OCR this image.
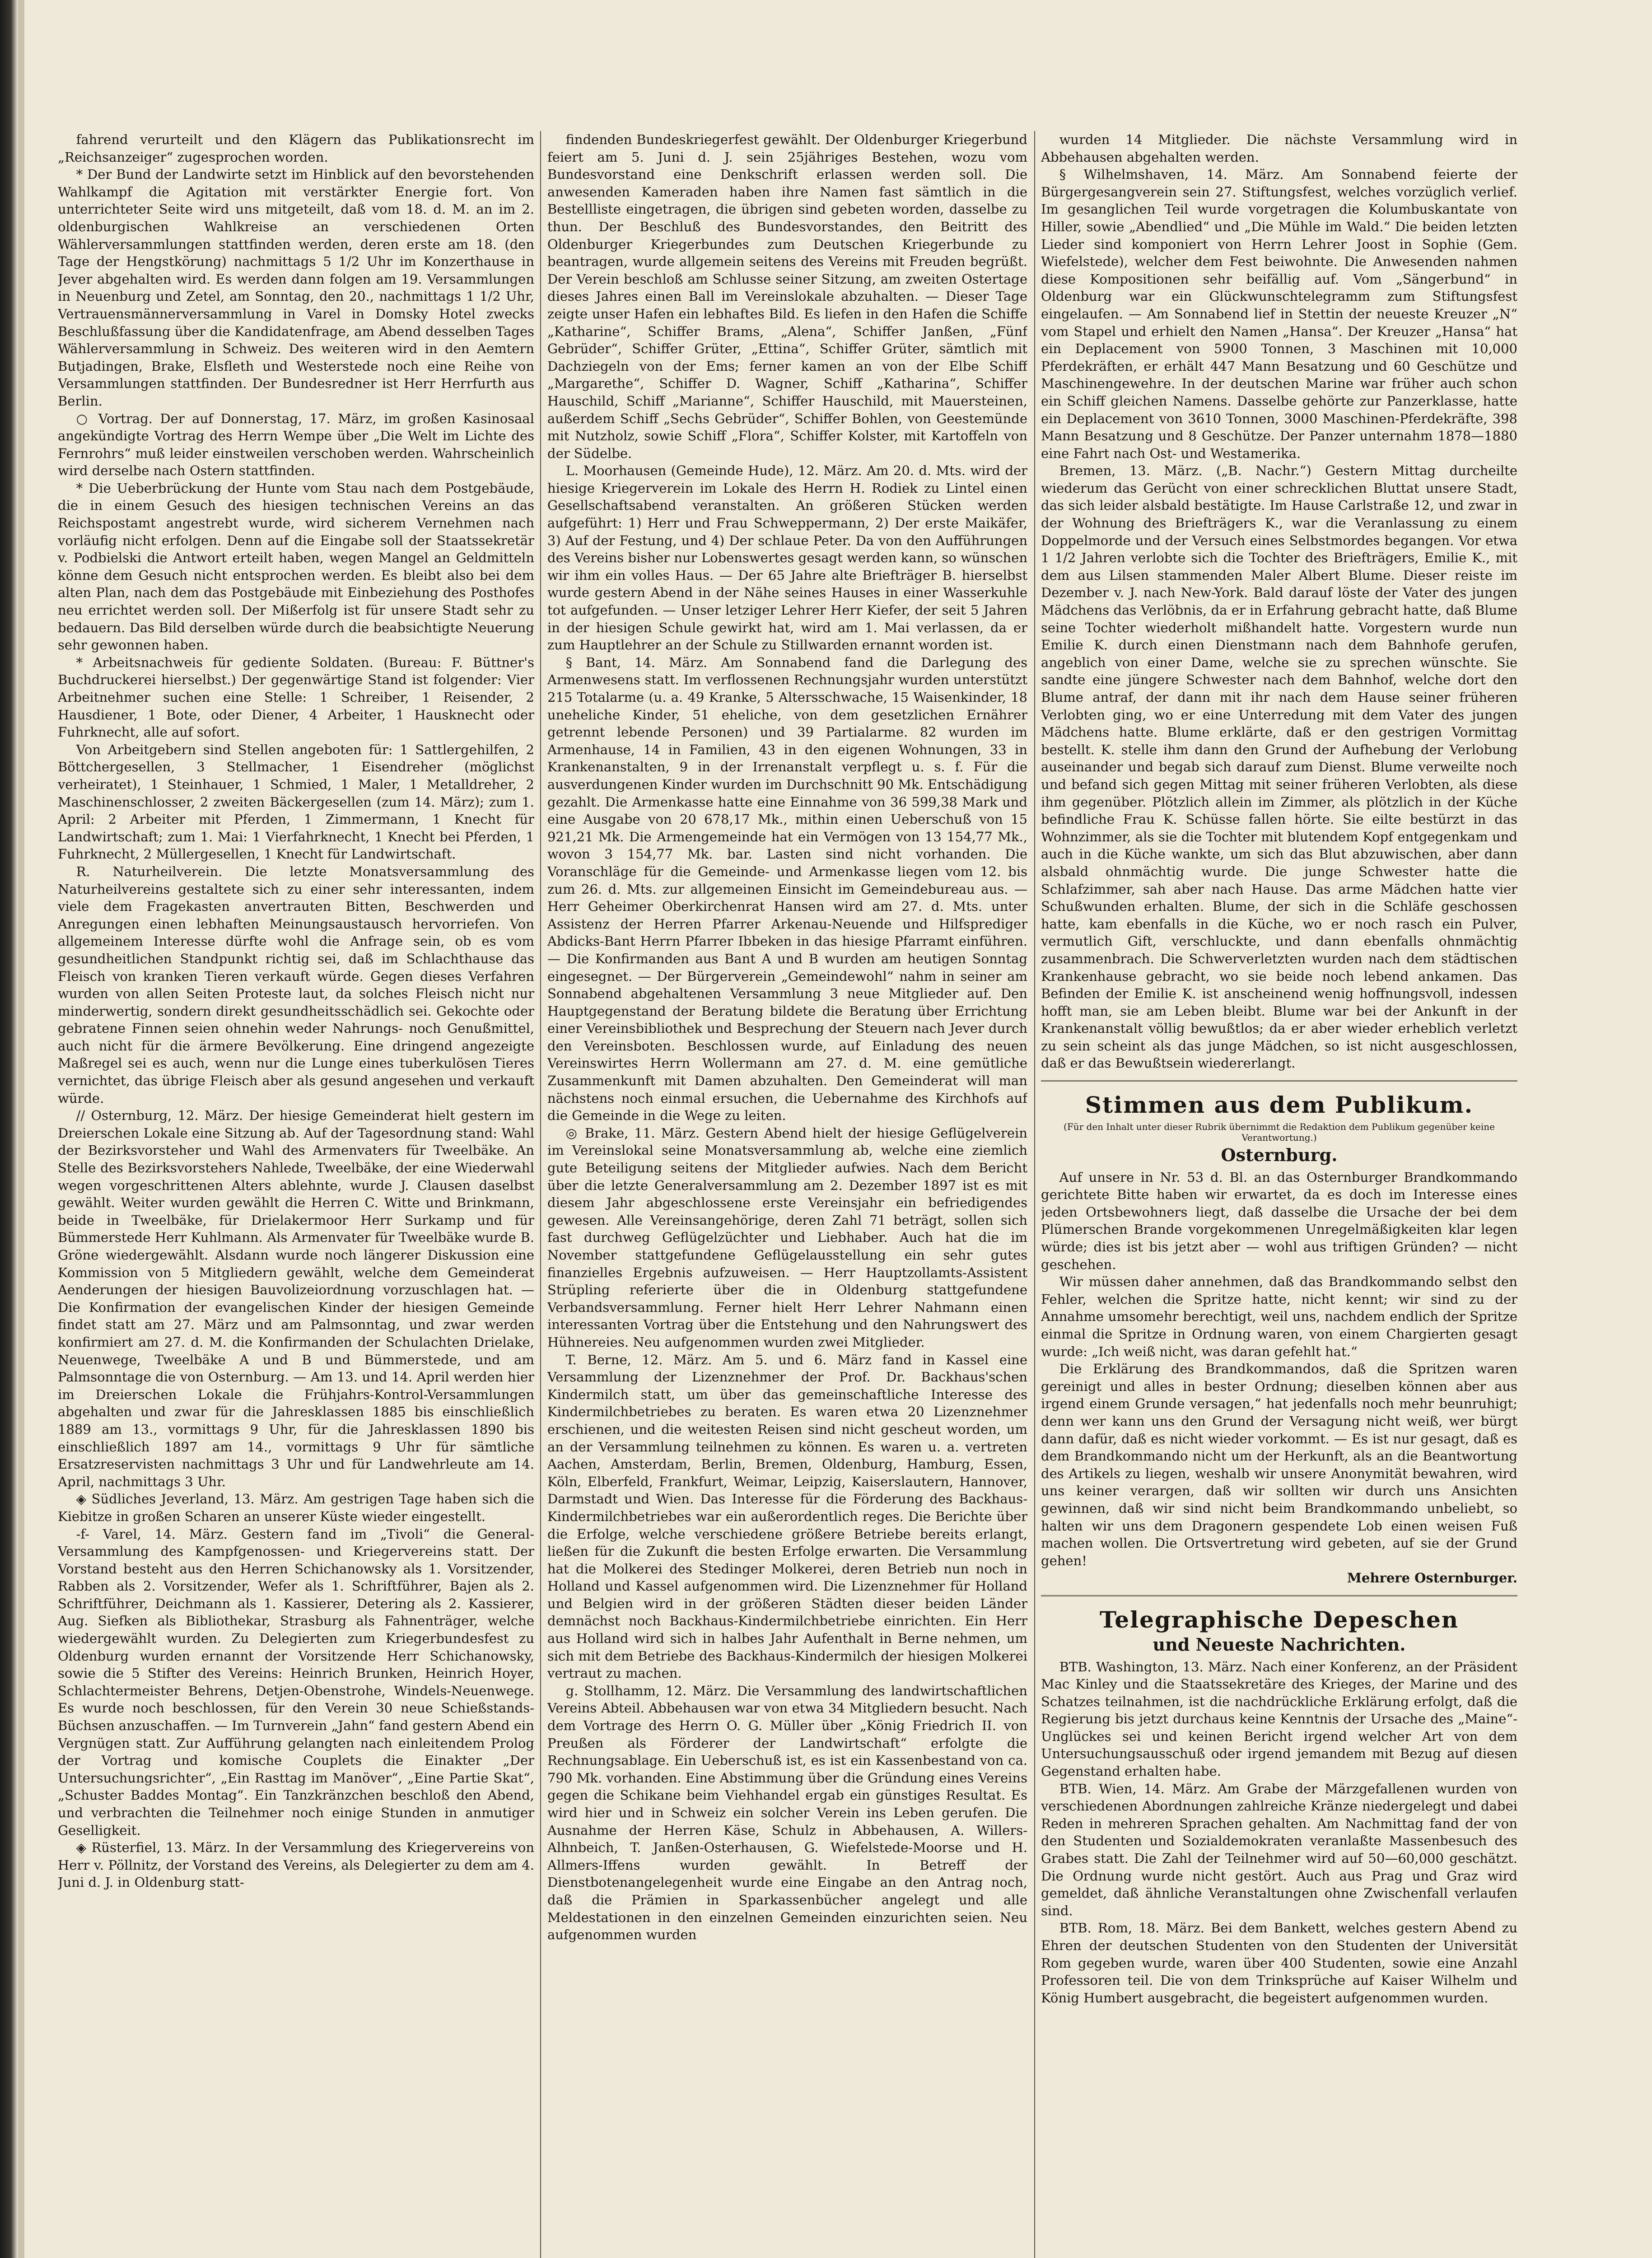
fahrend verurteilt und den Klägern das Publikationsrecht im „Reichsanzeiger“ zugesprochen worden.

* Der Bund der Landwirte setzt im Hinblick auf den bevorstehenden Wahlkampf die Agitation mit verstärkter Energie fort. Von unterrichteter Seite wird uns mitgeteilt, daß vom 18. d. M. an im 2. oldenburgischen Wahlkreise an verschiedenen Orten Wählerversammlungen stattfinden werden, deren erste am 18. (den Tage der Hengstkörung) nachmittags 5 1/2 Uhr im Konzerthause in Jever abgehalten wird. Es werden dann folgen am 19. Versammlungen in Neuenburg und Zetel, am Sonntag, den 20., nachmittags 1 1/2 Uhr, Vertrauensmännerversammlung in Varel in Domsky Hotel zwecks Beschlußfassung über die Kandidatenfrage, am Abend desselben Tages Wählerversammlung in Schweiz. Des weiteren wird in den Aemtern Butjadingen, Brake, Elsfleth und Westerstede noch eine Reihe von Versammlungen stattfinden. Der Bundesredner ist Herr Herrfurth aus Berlin.

○ Vortrag. Der auf Donnerstag, 17. März, im großen Kasinosaal angekündigte Vortrag des Herrn Wempe über „Die Welt im Lichte des Fernrohrs“ muß leider einstweilen verschoben werden. Wahrscheinlich wird derselbe nach Ostern stattfinden.

* Die Ueberbrückung der Hunte vom Stau nach dem Postgebäude, die in einem Gesuch des hiesigen technischen Vereins an das Reichspostamt angestrebt wurde, wird sicherem Vernehmen nach vorläufig nicht erfolgen. Denn auf die Eingabe soll der Staatssekretär v. Podbielski die Antwort erteilt haben, wegen Mangel an Geldmitteln könne dem Gesuch nicht entsprochen werden. Es bleibt also bei dem alten Plan, nach dem das Postgebäude mit Einbeziehung des Posthofes neu errichtet werden soll. Der Mißerfolg ist für unsere Stadt sehr zu bedauern. Das Bild derselben würde durch die beabsichtigte Neuerung sehr gewonnen haben.

* Arbeitsnachweis für gediente Soldaten. (Bureau: F. Büttner's Buchdruckerei hierselbst.) Der gegenwärtige Stand ist folgender: Vier Arbeitnehmer suchen eine Stelle: 1 Schreiber, 1 Reisender, 2 Hausdiener, 1 Bote, oder Diener, 4 Arbeiter, 1 Hausknecht oder Fuhrknecht, alle auf sofort.

Von Arbeitgebern sind Stellen angeboten für: 1 Sattlergehilfen, 2 Böttchergesellen, 3 Stellmacher, 1 Eisendreher (möglichst verheiratet), 1 Steinhauer, 1 Schmied, 1 Maler, 1 Metalldreher, 2 Maschinenschlosser, 2 zweiten Bäckergesellen (zum 14. März); zum 1. April: 2 Arbeiter mit Pferden, 1 Zimmermann, 1 Knecht für Landwirtschaft; zum 1. Mai: 1 Vierfahrknecht, 1 Knecht bei Pferden, 1 Fuhrknecht, 2 Müllergesellen, 1 Knecht für Landwirtschaft.

R. Naturheilverein. Die letzte Monatsversammlung des Naturheilvereins gestaltete sich zu einer sehr interessanten, indem viele dem Fragekasten anvertrauten Bitten, Beschwerden und Anregungen einen lebhaften Meinungsaustausch hervorriefen. Von allgemeinem Interesse dürfte wohl die Anfrage sein, ob es vom gesundheitlichen Standpunkt richtig sei, daß im Schlachthause das Fleisch von kranken Tieren verkauft würde. Gegen dieses Verfahren wurden von allen Seiten Proteste laut, da solches Fleisch nicht nur minderwertig, sondern direkt gesundheitsschädlich sei. Gekochte oder gebratene Finnen seien ohnehin weder Nahrungs- noch Genußmittel, auch nicht für die ärmere Bevölkerung. Eine dringend angezeigte Maßregel sei es auch, wenn nur die Lunge eines tuberkulösen Tieres vernichtet, das übrige Fleisch aber als gesund angesehen und verkauft würde.

// Osternburg, 12. März. Der hiesige Gemeinderat hielt gestern im Dreierschen Lokale eine Sitzung ab. Auf der Tagesordnung stand: Wahl der Bezirksvorsteher und Wahl des Armenvaters für Tweelbäke. An Stelle des Bezirksvorstehers Nahlede, Tweelbäke, der eine Wiederwahl wegen vorgeschrittenen Alters ablehnte, wurde J. Clausen daselbst gewählt. Weiter wurden gewählt die Herren C. Witte und Brinkmann, beide in Tweelbäke, für Drielakermoor Herr Surkamp und für Bümmerstede Herr Kuhlmann. Als Armenvater für Tweelbäke wurde B. Gröne wiedergewählt. Alsdann wurde noch längerer Diskussion eine Kommission von 5 Mitgliedern gewählt, welche dem Gemeinderat Aenderungen der hiesigen Bauvolizeiordnung vorzuschlagen hat. — Die Konfirmation der evangelischen Kinder der hiesigen Gemeinde findet statt am 27. März und am Palmsonntag, und zwar werden konfirmiert am 27. d. M. die Konfirmanden der Schulachten Drielake, Neuenwege, Tweelbäke A und B und Bümmerstede, und am Palmsonntage die von Osternburg. — Am 13. und 14. April werden hier im Dreierschen Lokale die Frühjahrs-Kontrol-Versammlungen abgehalten und zwar für die Jahresklassen 1885 bis einschließlich 1889 am 13., vormittags 9 Uhr, für die Jahresklassen 1890 bis einschließlich 1897 am 14., vormittags 9 Uhr für sämtliche Ersatzreservisten nachmittags 3 Uhr und für Landwehrleute am 14. April, nachmittags 3 Uhr.

◈ Südliches Jeverland, 13. März. Am gestrigen Tage haben sich die Kiebitze in großen Scharen an unserer Küste wieder eingestellt.

-f- Varel, 14. März. Gestern fand im „Tivoli“ die General-Versammlung des Kampfgenossen- und Kriegervereins statt. Der Vorstand besteht aus den Herren Schichanowsky als 1. Vorsitzender, Rabben als 2. Vorsitzender, Wefer als 1. Schriftführer, Bajen als 2. Schriftführer, Deichmann als 1. Kassierer, Detering als 2. Kassierer, Aug. Siefken als Bibliothekar, Strasburg als Fahnenträger, welche wiedergewählt wurden. Zu Delegierten zum Kriegerbundesfest zu Oldenburg wurden ernannt der Vorsitzende Herr Schichanowsky, sowie die 5 Stifter des Vereins: Heinrich Brunken, Heinrich Hoyer, Schlachtermeister Behrens, Detjen-Obenstrohe, Windels-Neuenwege. Es wurde noch beschlossen, für den Verein 30 neue Schießstands-Büchsen anzuschaffen. — Im Turnverein „Jahn“ fand gestern Abend ein Vergnügen statt. Zur Aufführung gelangten nach einleitendem Prolog der Vortrag und komische Couplets die Einakter „Der Untersuchungsrichter“, „Ein Rasttag im Manöver“, „Eine Partie Skat“, „Schuster Baddes Montag“. Ein Tanzkränzchen beschloß den Abend, und verbrachten die Teilnehmer noch einige Stunden in anmutiger Geselligkeit.

◈ Rüsterfiel, 13. März. In der Versammlung des Kriegervereins von Herr v. Pöllnitz, der Vorstand des Vereins, als Delegierter zu dem am 4. Juni d. J. in Oldenburg statt-

findenden Bundeskriegerfest gewählt. Der Oldenburger Kriegerbund feiert am 5. Juni d. J. sein 25jähriges Bestehen, wozu vom Bundesvorstand eine Denkschrift erlassen werden soll. Die anwesenden Kameraden haben ihre Namen fast sämtlich in die Bestellliste eingetragen, die übrigen sind gebeten worden, dasselbe zu thun. Der Beschluß des Bundesvorstandes, den Beitritt des Oldenburger Kriegerbundes zum Deutschen Kriegerbunde zu beantragen, wurde allgemein seitens des Vereins mit Freuden begrüßt. Der Verein beschloß am Schlusse seiner Sitzung, am zweiten Ostertage dieses Jahres einen Ball im Vereinslokale abzuhalten. — Dieser Tage zeigte unser Hafen ein lebhaftes Bild. Es liefen in den Hafen die Schiffe „Katharine“, Schiffer Brams, „Alena“, Schiffer Janßen, „Fünf Gebrüder“, Schiffer Grüter, „Ettina“, Schiffer Grüter, sämtlich mit Dachziegeln von der Ems; ferner kamen an von der Elbe Schiff „Margarethe“, Schiffer D. Wagner, Schiff „Katharina“, Schiffer Hauschild, Schiff „Marianne“, Schiffer Hauschild, mit Mauersteinen, außerdem Schiff „Sechs Gebrüder“, Schiffer Bohlen, von Geestemünde mit Nutzholz, sowie Schiff „Flora“, Schiffer Kolster, mit Kartoffeln von der Südelbe.

L. Moorhausen (Gemeinde Hude), 12. März. Am 20. d. Mts. wird der hiesige Kriegerverein im Lokale des Herrn H. Rodiek zu Lintel einen Gesellschaftsabend veranstalten. An größeren Stücken werden aufgeführt: 1) Herr und Frau Schweppermann, 2) Der erste Maikäfer, 3) Auf der Festung, und 4) Der schlaue Peter. Da von den Aufführungen des Vereins bisher nur Lobenswertes gesagt werden kann, so wünschen wir ihm ein volles Haus. — Der 65 Jahre alte Briefträger B. hierselbst wurde gestern Abend in der Nähe seines Hauses in einer Wasserkuhle tot aufgefunden. — Unser letziger Lehrer Herr Kiefer, der seit 5 Jahren in der hiesigen Schule gewirkt hat, wird am 1. Mai verlassen, da er zum Hauptlehrer an der Schule zu Stillwarden ernannt worden ist.

§ Bant, 14. März. Am Sonnabend fand die Darlegung des Armenwesens statt. Im verflossenen Rechnungsjahr wurden unterstützt 215 Totalarme (u. a. 49 Kranke, 5 Altersschwache, 15 Waisenkinder, 18 uneheliche Kinder, 51 eheliche, von dem gesetzlichen Ernährer getrennt lebende Personen) und 39 Partialarme. 82 wurden im Armenhause, 14 in Familien, 43 in den eigenen Wohnungen, 33 in Krankenanstalten, 9 in der Irrenanstalt verpflegt u. s. f. Für die ausverdungenen Kinder wurden im Durchschnitt 90 Mk. Entschädigung gezahlt. Die Armenkasse hatte eine Einnahme von 36 599,38 Mark und eine Ausgabe von 20 678,17 Mk., mithin einen Ueberschuß von 15 921,21 Mk. Die Armengemeinde hat ein Vermögen von 13 154,77 Mk., wovon 3 154,77 Mk. bar. Lasten sind nicht vorhanden. Die Voranschläge für die Gemeinde- und Armenkasse liegen vom 12. bis zum 26. d. Mts. zur allgemeinen Einsicht im Gemeindebureau aus. — Herr Geheimer Oberkirchenrat Hansen wird am 27. d. Mts. unter Assistenz der Herren Pfarrer Arkenau-Neuende und Hilfsprediger Abdicks-Bant Herrn Pfarrer Ibbeken in das hiesige Pfarramt einführen. — Die Konfirmanden aus Bant A und B wurden am heutigen Sonntag eingesegnet. — Der Bürgerverein „Gemeindewohl“ nahm in seiner am Sonnabend abgehaltenen Versammlung 3 neue Mitglieder auf. Den Hauptgegenstand der Beratung bildete die Beratung über Errichtung einer Vereinsbibliothek und Besprechung der Steuern nach Jever durch den Vereinsboten. Beschlossen wurde, auf Einladung des neuen Vereinswirtes Herrn Wollermann am 27. d. M. eine gemütliche Zusammenkunft mit Damen abzuhalten. Den Gemeinderat will man nächstens noch einmal ersuchen, die Uebernahme des Kirchhofs auf die Gemeinde in die Wege zu leiten.

◎ Brake, 11. März. Gestern Abend hielt der hiesige Geflügelverein im Vereinslokal seine Monatsversammlung ab, welche eine ziemlich gute Beteiligung seitens der Mitglieder aufwies. Nach dem Bericht über die letzte Generalversammlung am 2. Dezember 1897 ist es mit diesem Jahr abgeschlossene erste Vereinsjahr ein befriedigendes gewesen. Alle Vereinsangehörige, deren Zahl 71 beträgt, sollen sich fast durchweg Geflügelzüchter und Liebhaber. Auch hat die im November stattgefundene Geflügelausstellung ein sehr gutes finanzielles Ergebnis aufzuweisen. — Herr Hauptzollamts-Assistent Strüpling referierte über die in Oldenburg stattgefundene Verbandsversammlung. Ferner hielt Herr Lehrer Nahmann einen interessanten Vortrag über die Entstehung und den Nahrungswert des Hühnereies. Neu aufgenommen wurden zwei Mitglieder.

T. Berne, 12. März. Am 5. und 6. März fand in Kassel eine Versammlung der Lizenznehmer der Prof. Dr. Backhaus'schen Kindermilch statt, um über das gemeinschaftliche Interesse des Kindermilchbetriebes zu beraten. Es waren etwa 20 Lizenznehmer erschienen, und die weitesten Reisen sind nicht gescheut worden, um an der Versammlung teilnehmen zu können. Es waren u. a. vertreten Aachen, Amsterdam, Berlin, Bremen, Oldenburg, Hamburg, Essen, Köln, Elberfeld, Frankfurt, Weimar, Leipzig, Kaiserslautern, Hannover, Darmstadt und Wien. Das Interesse für die Förderung des Backhaus-Kindermilchbetriebes war ein außerordentlich reges. Die Berichte über die Erfolge, welche verschiedene größere Betriebe bereits erlangt, ließen für die Zukunft die besten Erfolge erwarten. Die Versammlung hat die Molkerei des Stedinger Molkerei, deren Betrieb nun noch in Holland und Kassel aufgenommen wird. Die Lizenznehmer für Holland und Belgien wird in der größeren Städten dieser beiden Länder demnächst noch Backhaus-Kindermilchbetriebe einrichten. Ein Herr aus Holland wird sich in halbes Jahr Aufenthalt in Berne nehmen, um sich mit dem Betriebe des Backhaus-Kindermilch der hiesigen Molkerei vertraut zu machen.

g. Stollhamm, 12. März. Die Versammlung des landwirtschaftlichen Vereins Abteil. Abbehausen war von etwa 34 Mitgliedern besucht. Nach dem Vortrage des Herrn O. G. Müller über „König Friedrich II. von Preußen als Förderer der Landwirtschaft“ erfolgte die Rechnungsablage. Ein Ueberschuß ist, es ist ein Kassenbestand von ca. 790 Mk. vorhanden. Eine Abstimmung über die Gründung eines Vereins gegen die Schikane beim Viehhandel ergab ein günstiges Resultat. Es wird hier und in Schweiz ein solcher Verein ins Leben gerufen. Die Ausnahme der Herren Käse, Schulz in Abbehausen, A. Willers-Alhnbeich, T. Janßen-Osterhausen, G. Wiefelstede-Moorse und H. Allmers-Iffens wurden gewählt. In Betreff der Dienstbotenangelegenheit wurde eine Eingabe an den Antrag noch, daß die Prämien in Sparkassenbücher angelegt und alle Meldestationen in den einzelnen Gemeinden einzurichten seien. Neu aufgenommen wurden

wurden 14 Mitglieder. Die nächste Versammlung wird in Abbehausen abgehalten werden.

§ Wilhelmshaven, 14. März. Am Sonnabend feierte der Bürgergesangverein sein 27. Stiftungsfest, welches vorzüglich verlief. Im gesanglichen Teil wurde vorgetragen die Kolumbuskantate von Hiller, sowie „Abendlied“ und „Die Mühle im Wald.“ Die beiden letzten Lieder sind komponiert von Herrn Lehrer Joost in Sophie (Gem. Wiefelstede), welcher dem Fest beiwohnte. Die Anwesenden nahmen diese Kompositionen sehr beifällig auf. Vom „Sängerbund“ in Oldenburg war ein Glückwunschtelegramm zum Stiftungsfest eingelaufen. — Am Sonnabend lief in Stettin der neueste Kreuzer „N“ vom Stapel und erhielt den Namen „Hansa“. Der Kreuzer „Hansa“ hat ein Deplacement von 5900 Tonnen, 3 Maschinen mit 10,000 Pferdekräften, er erhält 447 Mann Besatzung und 60 Geschütze und Maschinengewehre. In der deutschen Marine war früher auch schon ein Schiff gleichen Namens. Dasselbe gehörte zur Panzerklasse, hatte ein Deplacement von 3610 Tonnen, 3000 Maschinen-Pferdekräfte, 398 Mann Besatzung und 8 Geschütze. Der Panzer unternahm 1878—1880 eine Fahrt nach Ost- und Westamerika.

Bremen, 13. März. („B. Nachr.“) Gestern Mittag durcheilte wiederum das Gerücht von einer schrecklichen Bluttat unsere Stadt, das sich leider alsbald bestätigte. Im Hause Carlstraße 12, und zwar in der Wohnung des Briefträgers K., war die Veranlassung zu einem Doppelmorde und der Versuch eines Selbstmordes begangen. Vor etwa 1 1/2 Jahren verlobte sich die Tochter des Briefträgers, Emilie K., mit dem aus Lilsen stammenden Maler Albert Blume. Dieser reiste im Dezember v. J. nach New-York. Bald darauf löste der Vater des jungen Mädchens das Verlöbnis, da er in Erfahrung gebracht hatte, daß Blume seine Tochter wiederholt mißhandelt hatte. Vorgestern wurde nun Emilie K. durch einen Dienstmann nach dem Bahnhofe gerufen, angeblich von einer Dame, welche sie zu sprechen wünschte. Sie sandte eine jüngere Schwester nach dem Bahnhof, welche dort den Blume antraf, der dann mit ihr nach dem Hause seiner früheren Verlobten ging, wo er eine Unterredung mit dem Vater des jungen Mädchens hatte. Blume erklärte, daß er den gestrigen Vormittag bestellt. K. stelle ihm dann den Grund der Aufhebung der Verlobung auseinander und begab sich darauf zum Dienst. Blume verweilte noch und befand sich gegen Mittag mit seiner früheren Verlobten, als diese ihm gegenüber. Plötzlich allein im Zimmer, als plötzlich in der Küche befindliche Frau K. Schüsse fallen hörte. Sie eilte bestürzt in das Wohnzimmer, als sie die Tochter mit blutendem Kopf entgegenkam und auch in die Küche wankte, um sich das Blut abzuwischen, aber dann alsbald ohnmächtig wurde. Die junge Schwester hatte die Schlafzimmer, sah aber nach Hause. Das arme Mädchen hatte vier Schußwunden erhalten. Blume, der sich in die Schläfe geschossen hatte, kam ebenfalls in die Küche, wo er noch rasch ein Pulver, vermutlich Gift, verschluckte, und dann ebenfalls ohnmächtig zusammenbrach. Die Schwerverletzten wurden nach dem städtischen Krankenhause gebracht, wo sie beide noch lebend ankamen. Das Befinden der Emilie K. ist anscheinend wenig hoffnungsvoll, indessen hofft man, sie am Leben bleibt. Blume war bei der Ankunft in der Krankenanstalt völlig bewußtlos; da er aber wieder erheblich verletzt zu sein scheint als das junge Mädchen, so ist nicht ausgeschlossen, daß er das Bewußtsein wiedererlangt.

Stimmen aus dem Publikum.
(Für den Inhalt unter dieser Rubrik übernimmt die Redaktion dem Publikum gegenüber keine Verantwortung.)
Osternburg.

Auf unsere in Nr. 53 d. Bl. an das Osternburger Brandkommando gerichtete Bitte haben wir erwartet, da es doch im Interesse eines jeden Ortsbewohners liegt, daß dasselbe die Ursache der bei dem Plümerschen Brande vorgekommenen Unregelmäßigkeiten klar legen würde; dies ist bis jetzt aber — wohl aus triftigen Gründen? — nicht geschehen.

Wir müssen daher annehmen, daß das Brandkommando selbst den Fehler, welchen die Spritze hatte, nicht kennt; wir sind zu der Annahme umsomehr berechtigt, weil uns, nachdem endlich der Spritze einmal die Spritze in Ordnung waren, von einem Chargierten gesagt wurde: „Ich weiß nicht, was daran gefehlt hat.“

Die Erklärung des Brandkommandos, daß die Spritzen waren gereinigt und alles in bester Ordnung; dieselben können aber aus irgend einem Grunde versagen,“ hat jedenfalls noch mehr beunruhigt; denn wer kann uns den Grund der Versagung nicht weiß, wer bürgt dann dafür, daß es nicht wieder vorkommt. — Es ist nur gesagt, daß es dem Brandkommando nicht um der Herkunft, als an die Beantwortung des Artikels zu liegen, weshalb wir unsere Anonymität bewahren, wird uns keiner verargen, daß wir sollten wir durch uns Ansichten gewinnen, daß wir sind nicht beim Brandkommando unbeliebt, so halten wir uns dem Dragonern gespendete Lob einen weisen Fuß machen wollen. Die Ortsvertretung wird gebeten, auf sie der Grund gehen!

Mehrere Osternburger.
Telegraphische Depeschen
und Neueste Nachrichten.

BTB. Washington, 13. März. Nach einer Konferenz, an der Präsident Mac Kinley und die Staatssekretäre des Krieges, der Marine und des Schatzes teilnahmen, ist die nachdrückliche Erklärung erfolgt, daß die Regierung bis jetzt durchaus keine Kenntnis der Ursache des „Maine“-Unglückes sei und keinen Bericht irgend welcher Art von dem Untersuchungsausschuß oder irgend jemandem mit Bezug auf diesen Gegenstand erhalten habe.

BTB. Wien, 14. März. Am Grabe der Märzgefallenen wurden von verschiedenen Abordnungen zahlreiche Kränze niedergelegt und dabei Reden in mehreren Sprachen gehalten. Am Nachmittag fand der von den Studenten und Sozialdemokraten veranlaßte Massenbesuch des Grabes statt. Die Zahl der Teilnehmer wird auf 50—60,000 geschätzt. Die Ordnung wurde nicht gestört. Auch aus Prag und Graz wird gemeldet, daß ähnliche Veranstaltungen ohne Zwischenfall verlaufen sind.

BTB. Rom, 18. März. Bei dem Bankett, welches gestern Abend zu Ehren der deutschen Studenten von den Studenten der Universität Rom gegeben wurde, waren über 400 Studenten, sowie eine Anzahl Professoren teil. Die von dem Trinksprüche auf Kaiser Wilhelm und König Humbert ausgebracht, die begeistert aufgenommen wurden.
